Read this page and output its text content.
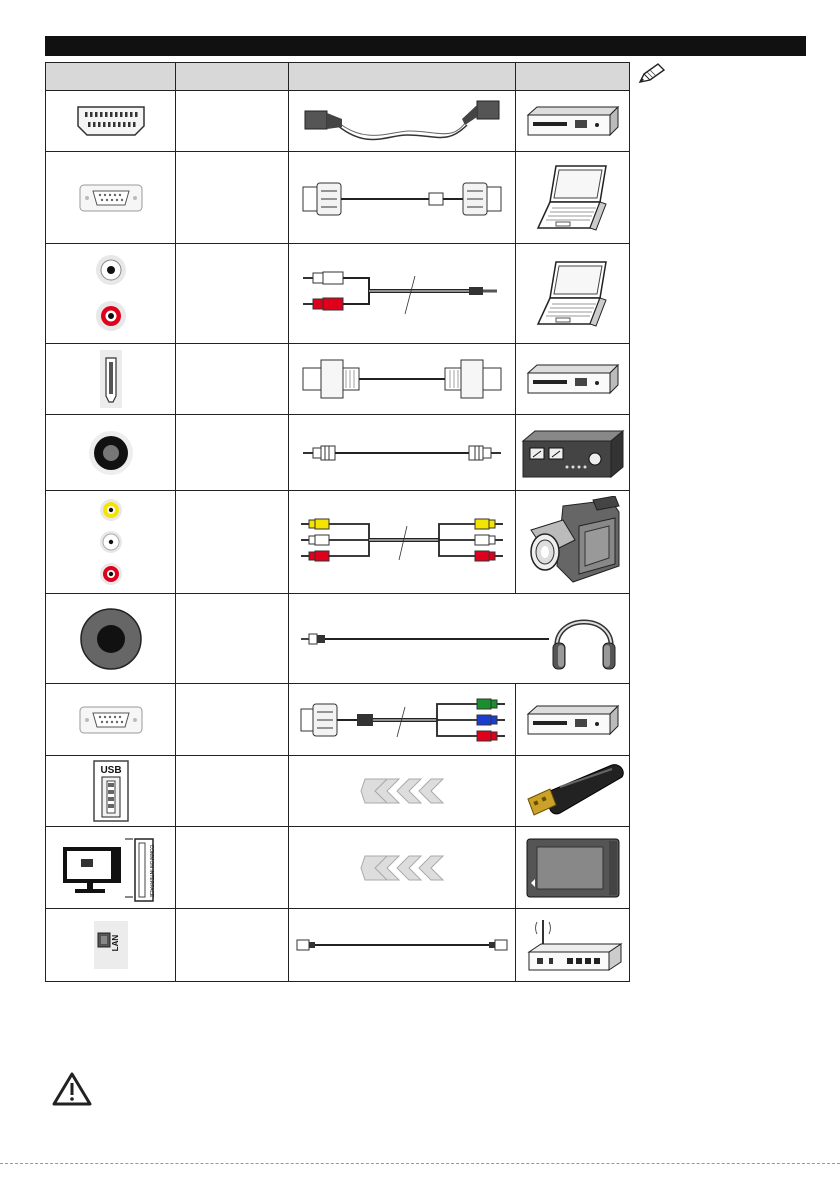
USB

COMMON INTERFACE

LAN
